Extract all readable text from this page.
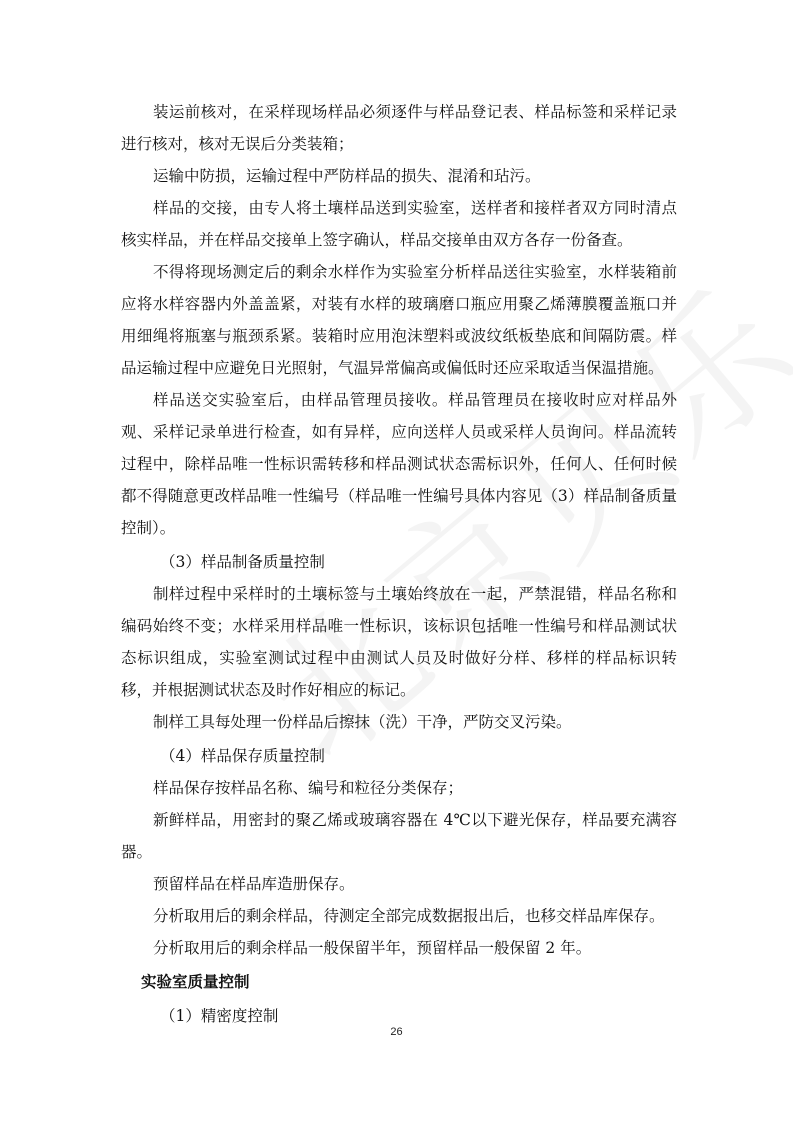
装运前核对，在采样现场样品必须逐件与样品登记表、样品标签和采样记录进行核对，核对无误后分类装箱；

运输中防损，运输过程中严防样品的损失、混淆和玷污。

样品的交接，由专人将土壤样品送到实验室，送样者和接样者双方同时清点核实样品，并在样品交接单上签字确认，样品交接单由双方各存一份备查。

不得将现场测定后的剩余水样作为实验室分析样品送往实验室，水样装箱前应将水样容器内外盖盖紧，对装有水样的玻璃磨口瓶应用聚乙烯薄膜覆盖瓶口并用细绳将瓶塞与瓶颈系紧。装箱时应用泡沫塑料或波纹纸板垫底和间隔防震。样品运输过程中应避免日光照射，气温异常偏高或偏低时还应采取适当保温措施。

样品送交实验室后，由样品管理员接收。样品管理员在接收时应对样品外观、采样记录单进行检查，如有异样，应向送样人员或采样人员询问。样品流转过程中，除样品唯一性标识需转移和样品测试状态需标识外，任何人、任何时候都不得随意更改样品唯一性编号（样品唯一性编号具体内容见（3）样品制备质量控制）。

（3）样品制备质量控制

制样过程中采样时的土壤标签与土壤始终放在一起，严禁混错，样品名称和编码始终不变；水样采用样品唯一性标识，该标识包括唯一性编号和样品测试状态标识组成，实验室测试过程中由测试人员及时做好分样、移样的样品标识转移，并根据测试状态及时作好相应的标记。

制样工具每处理一份样品后擦抹（洗）干净，严防交叉污染。

（4）样品保存质量控制

样品保存按样品名称、编号和粒径分类保存；

新鲜样品，用密封的聚乙烯或玻璃容器在 4℃以下避光保存，样品要充满容器。

预留样品在样品库造册保存。

分析取用后的剩余样品，待测定全部完成数据报出后，也移交样品库保存。

分析取用后的剩余样品一般保留半年，预留样品一般保留 2 年。

实验室质量控制

（1）精密度控制

26
